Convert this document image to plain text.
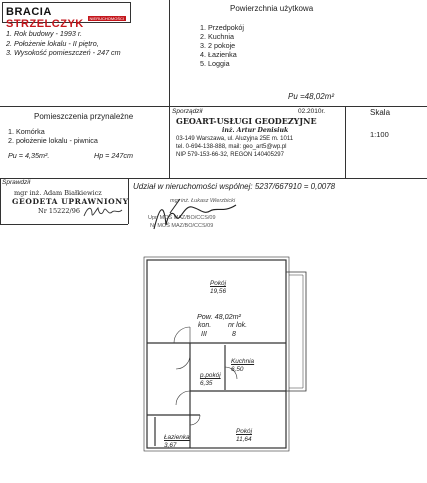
BRACIA STRZELCZYK	NIERUCHOMOŚCI
1. Rok budowy - 1993 r.
2. Położenie lokalu - II piętro,
3. Wysokość pomieszczeń - 247 cm
Powierzchnia użytkowa
1. Przedpokój
2. Kuchnia
3. 2 pokoje
4. Łazienka
5. Loggia
Pu =48,02m²
Pomieszczenia przynależne
1. Komórka
2. położenie lokalu - piwnica
Pu = 4,35m².	Hp = 247cm
Sporządził	02.2010r.
GEOART-USŁUGI GEODEZYJNE
inż. Artur Denisiuk
03-149 Warszawa, ul. Aluzyjna 25E m. 1011
tel. 0-694-138-888, mail: geo_art5@wp.pl
NIP 579-153-66-32, REGON 140405297
Skala
1:100
Sprawdził
mgr inż. Adam Białkiewicz
GEODETA UPRAWNIONY
Nr 15222/96
Udział w nieruchomości wspólnej: 5237/667910 = 0,0078
mgr inż. Łukasz Wierzbicki
Upr. MOŚ MAZ/BO/CCS/09
Nr MOŚ MAZ/BO/CCS/09
Pokój
19,56
Pow. 48,02m²
kon. nr lok.
III	8
Kuchnia
6,50
p.pokój
6,35
Pokój
11,64
Łazienka
3,67
